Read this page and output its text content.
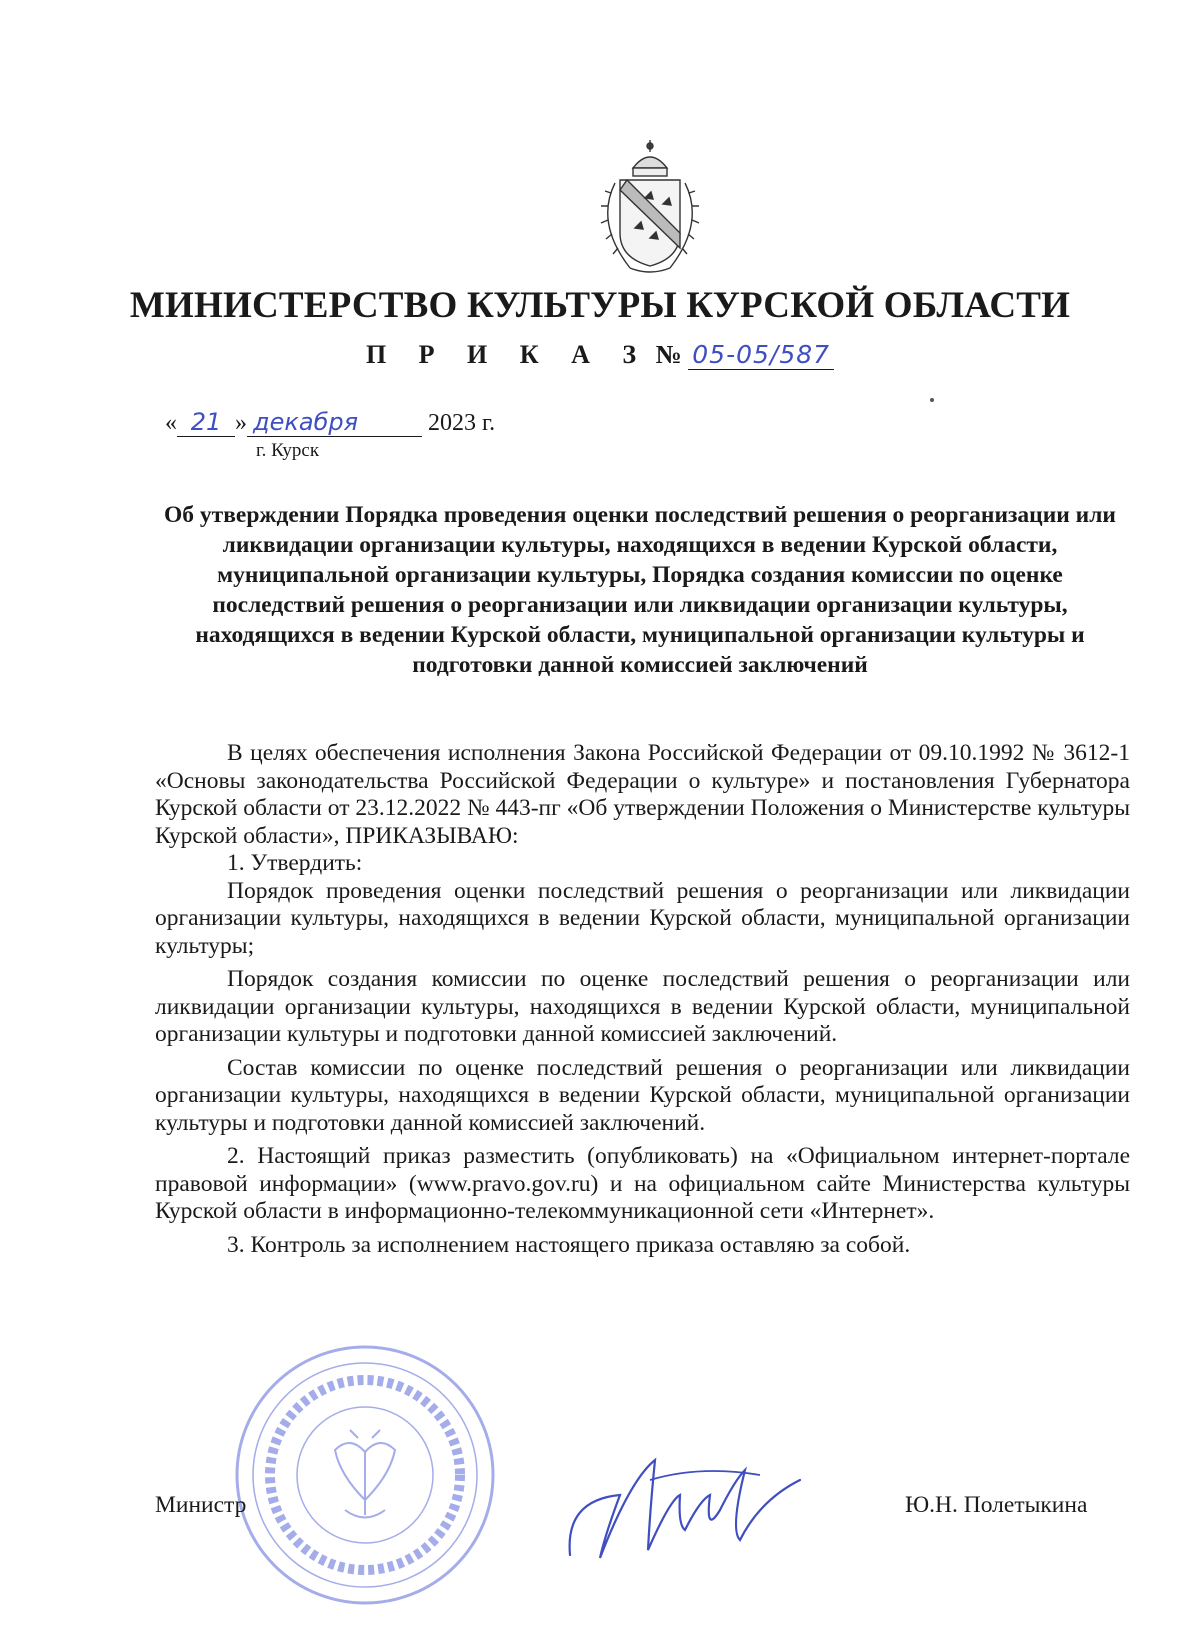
МИНИСТЕРСТВО КУЛЬТУРЫ КУРСКОЙ ОБЛАСТИ
П Р И К А З № 05-05/587
« 21 » декабря	2023 г.
г. Курск
Об утверждении Порядка проведения оценки последствий решения о реорганизации или ликвидации организации культуры, находящихся в ведении Курской области, муниципальной организации культуры, Порядка создания комиссии по оценке последствий решения о реорганизации или ликвидации организации культуры, находящихся в ведении Курской области, муниципальной организации культуры и подготовки данной комиссией заключений

В целях обеспечения исполнения Закона Российской Федерации от 09.10.1992 № 3612-1 «Основы законодательства Российской Федерации о культуре» и постановления Губернатора Курской области от 23.12.2022 № 443-пг «Об утверждении Положения о Министерстве культуры Курской области», ПРИКАЗЫВАЮ:

1. Утвердить:

Порядок проведения оценки последствий решения о реорганизации или ликвидации организации культуры, находящихся в ведении Курской области, муниципальной организации культуры;

Порядок создания комиссии по оценке последствий решения о реорганизации или ликвидации организации культуры, находящихся в ведении Курской области, муниципальной организации культуры и подготовки данной комиссией заключений.

Состав комиссии по оценке последствий решения о реорганизации или ликвидации организации культуры, находящихся в ведении Курской области, муниципальной организации культуры и подготовки данной комиссией заключений.

2. Настоящий приказ разместить (опубликовать) на «Официальном интернет-портале правовой информации» (www.pravo.gov.ru) и на официальном сайте Министерства культуры Курской области в информационно-телекоммуникационной сети «Интернет».

3. Контроль за исполнением настоящего приказа оставляю за собой.

Министр	Ю.Н. Полетыкина
